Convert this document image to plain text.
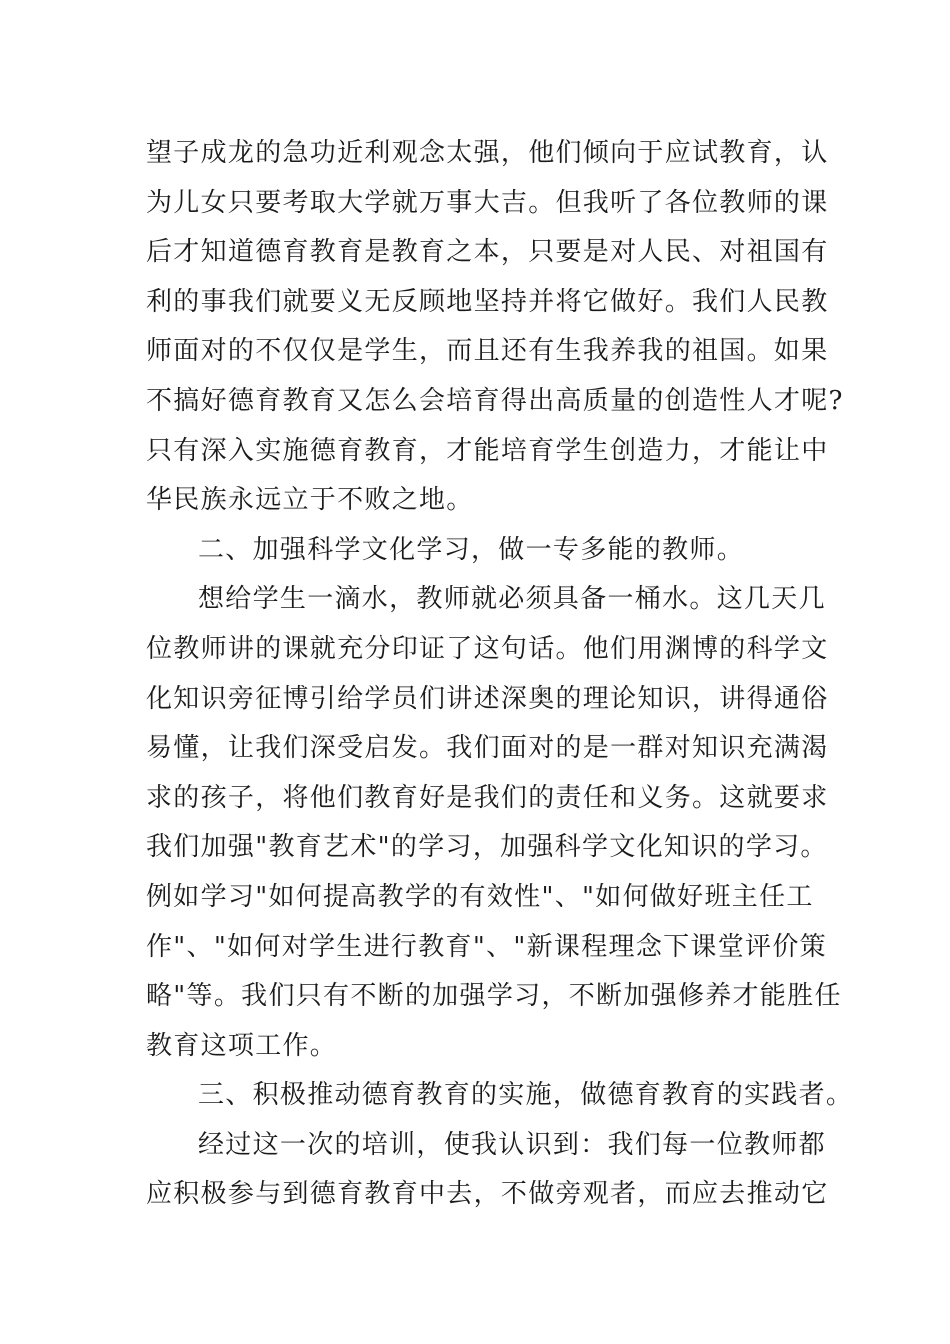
望子成龙的急功近利观念太强，他们倾向于应试教育，认
为儿女只要考取大学就万事大吉。但我听了各位教师的课
后才知道德育教育是教育之本，只要是对人民、对祖国有
利的事我们就要义无反顾地坚持并将它做好。我们人民教
师面对的不仅仅是学生，而且还有生我养我的祖国。如果
不搞好德育教育又怎么会培育得出高质量的创造性人才呢?
只有深入实施德育教育，才能培育学生创造力，才能让中
华民族永远立于不败之地。
二、加强科学文化学习，做一专多能的教师。
想给学生一滴水，教师就必须具备一桶水。这几天几
位教师讲的课就充分印证了这句话。他们用渊博的科学文
化知识旁征博引给学员们讲述深奥的理论知识，讲得通俗
易懂，让我们深受启发。我们面对的是一群对知识充满渴
求的孩子，将他们教育好是我们的责任和义务。这就要求
我们加强"教育艺术"的学习，加强科学文化知识的学习。
例如学习"如何提高教学的有效性"、"如何做好班主任工
作"、"如何对学生进行教育"、"新课程理念下课堂评价策
略"等。我们只有不断的加强学习，不断加强修养才能胜任
教育这项工作。
三、积极推动德育教育的实施，做德育教育的实践者。
经过这一次的培训，使我认识到：我们每一位教师都
应积极参与到德育教育中去，不做旁观者，而应去推动它
